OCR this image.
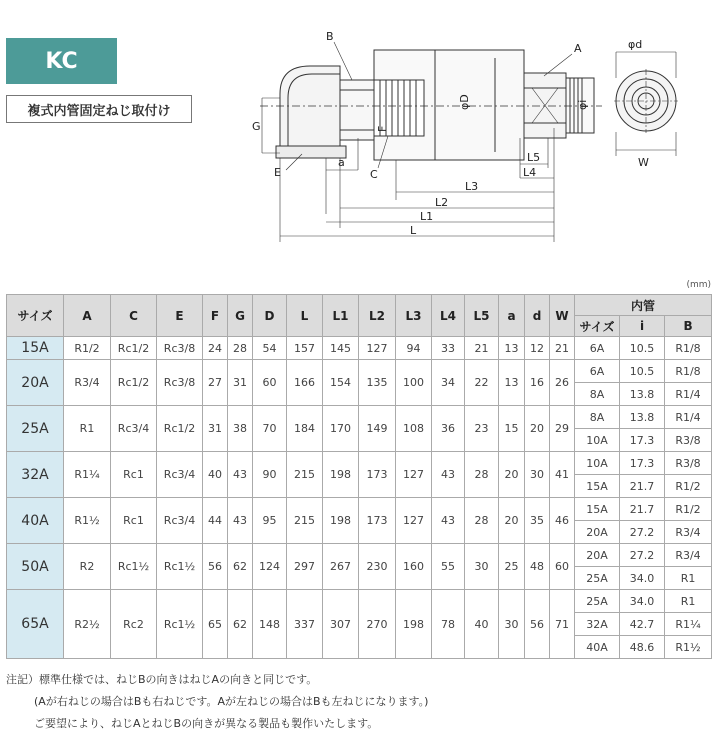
KC
複式内管固定ねじ取付け
B
A	φd
φD	φi
G	F
E
a
C
L5
L4
L3
L2
L1
L
W
(mm)
サイズ	A	C	E	F	G	D	L	L1	L2	L3	L4	L5	a	d	W	内管		
																サイズ	i	B
15A	R1/2	Rc1/2	Rc3/8	24	28	54	157	145	127	94	33	21	13	12	21	6A	10.5	R1/8
20A	R3/4	Rc1/2	Rc3/8	27	31	60	166	154	135	100	34	22	13	16	26	6A	10.5	R1/8
																8A	13.8	R1/4
25A	R1	Rc3/4	Rc1/2	31	38	70	184	170	149	108	36	23	15	20	29	8A	13.8	R1/4
																10A	17.3	R3/8
32A	R1¼	Rc1	Rc3/4	40	43	90	215	198	173	127	43	28	20	30	41	10A	17.3	R3/8
																15A	21.7	R1/2
40A	R1½	Rc1	Rc3/4	44	43	95	215	198	173	127	43	28	20	35	46	15A	21.7	R1/2
																20A	27.2	R3/4
50A	R2	Rc1½	Rc1½	56	62	124	297	267	230	160	55	30	25	48	60	20A	27.2	R3/4
																25A	34.0	R1
65A	R2½	Rc2	Rc1½	65	62	148	337	307	270	198	78	40	30	56	71	25A	34.0	R1
																32A	42.7	R1¼
																40A	48.6	R1½
注記）標準仕様では、ねじBの向きはねじAの向きと同じです。
(Aが右ねじの場合はBも右ねじです。Aが左ねじの場合はBも左ねじになります。)
ご要望により、ねじAとねじBの向きが異なる製品も製作いたします。
